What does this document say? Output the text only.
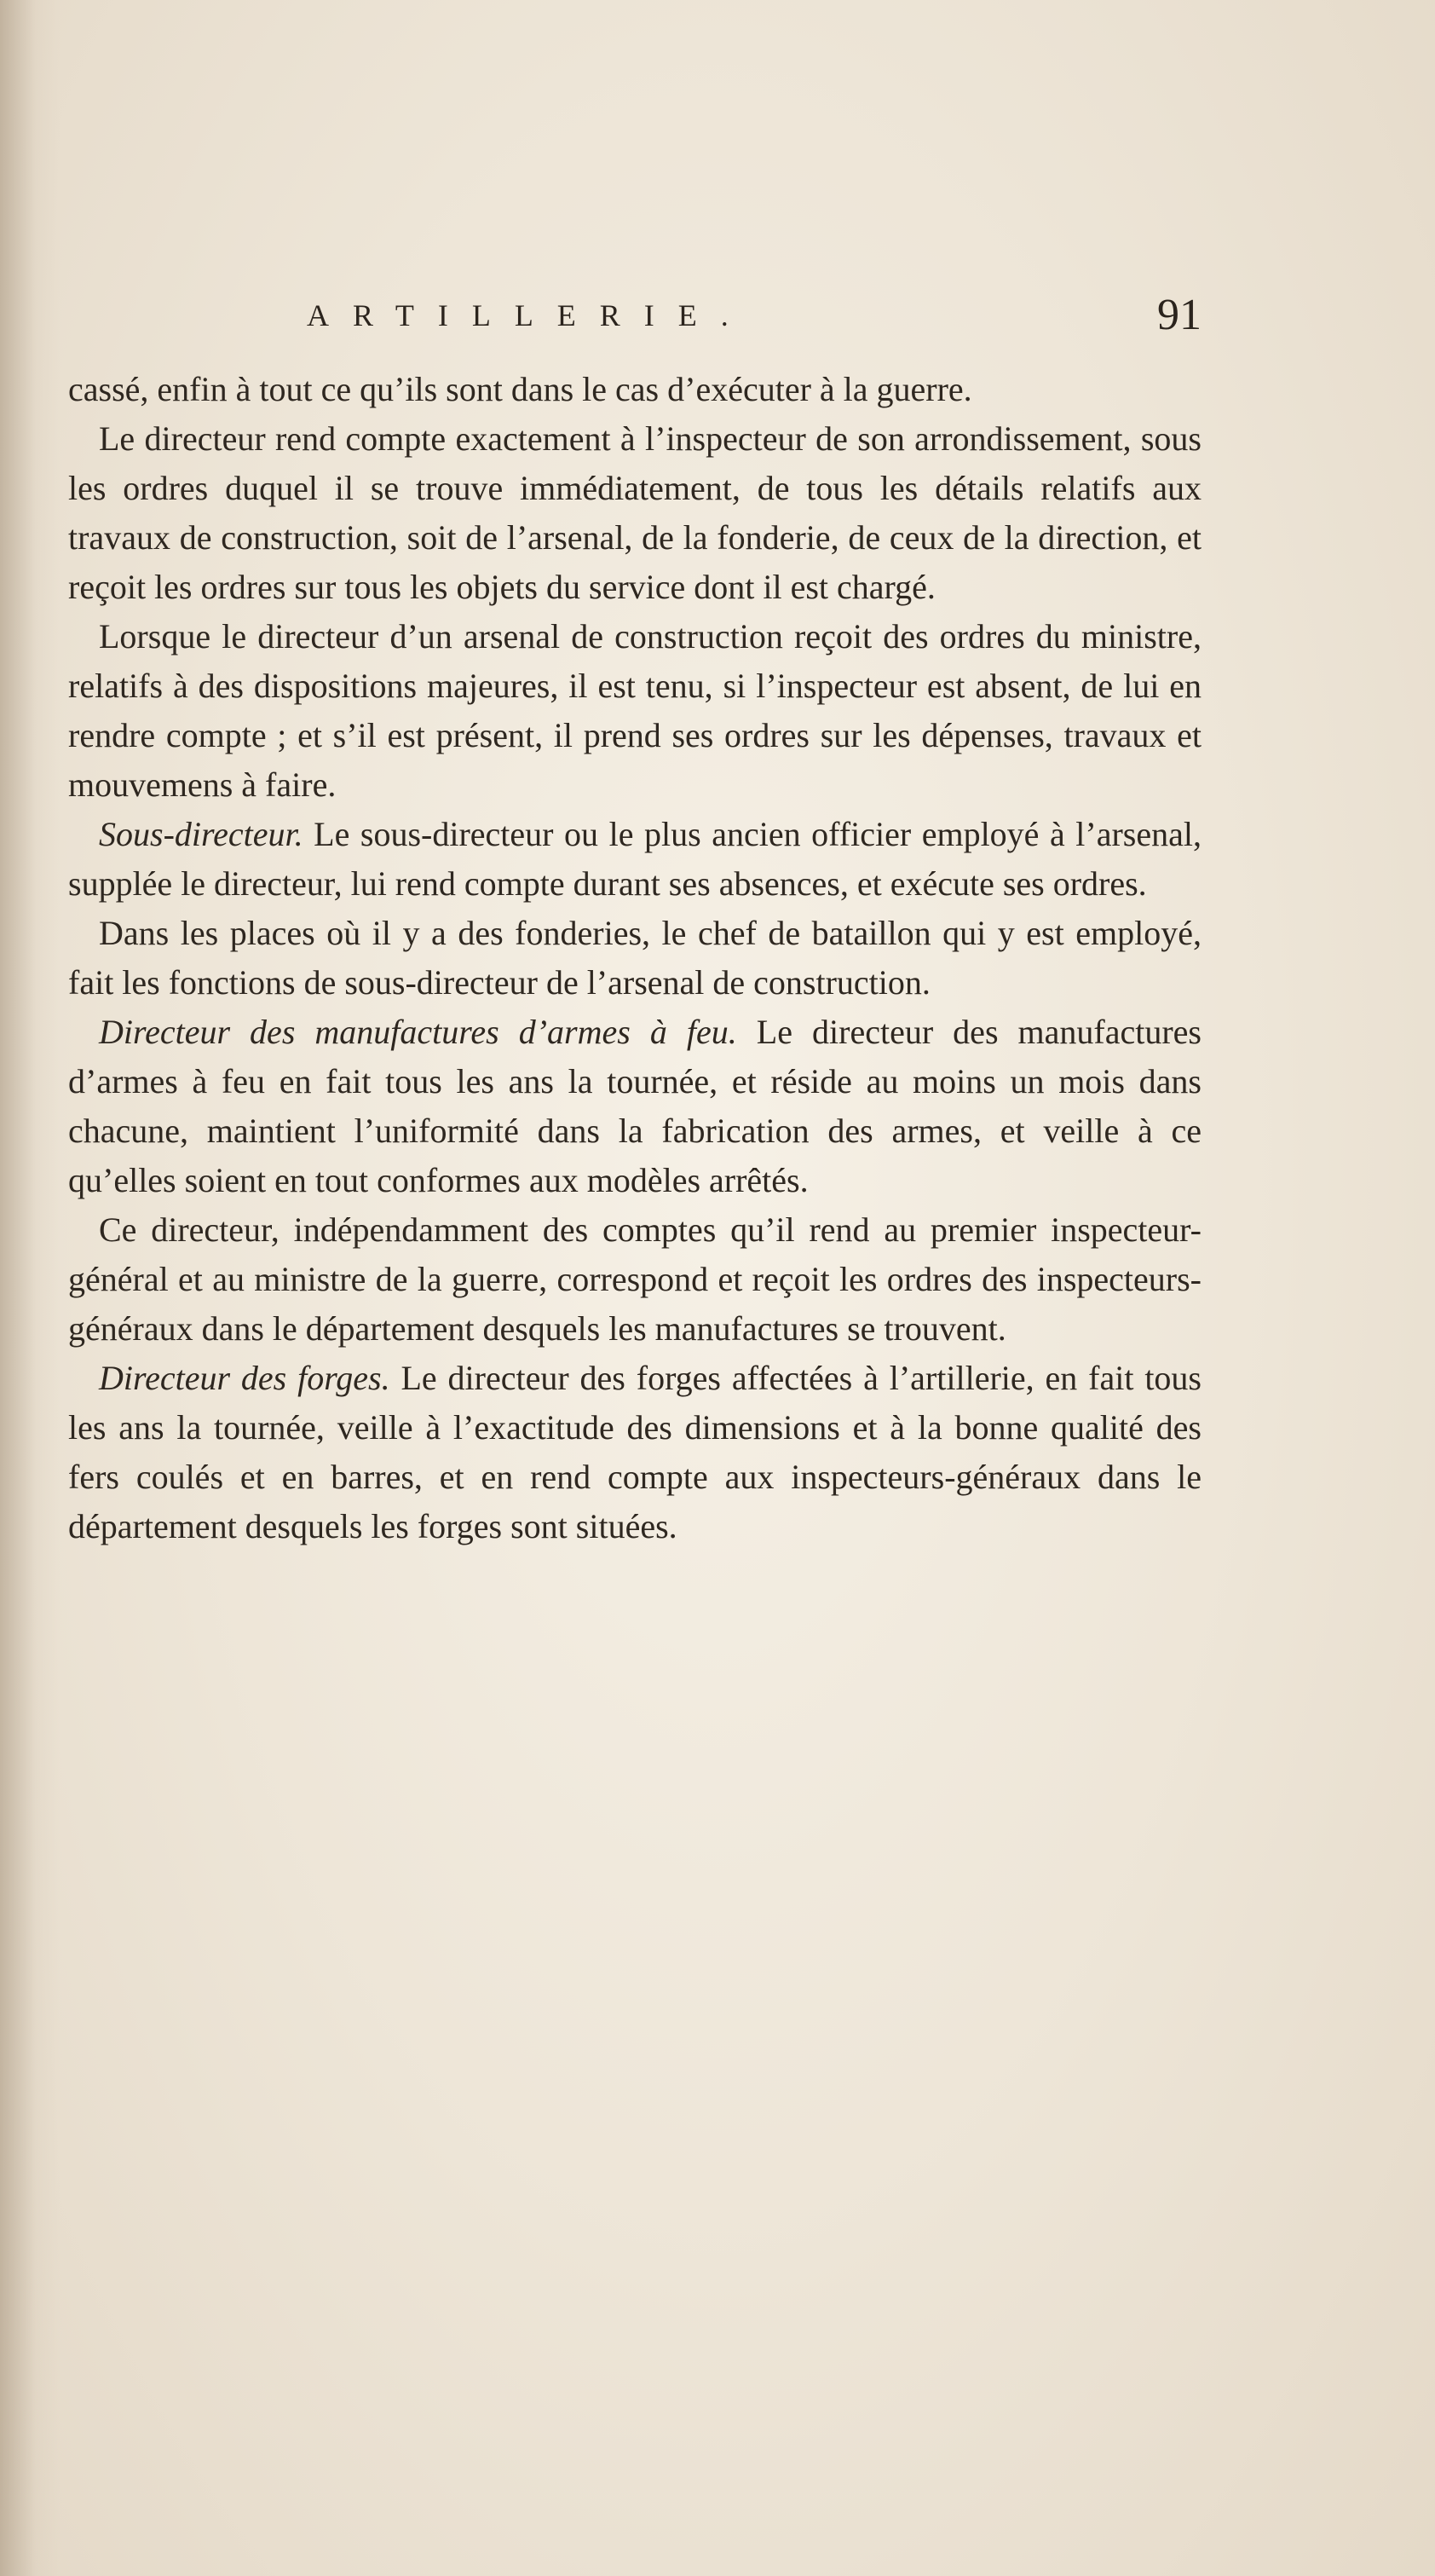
ARTILLERIE.	91

cassé, enfin à tout ce qu’ils sont dans le cas d’exécuter à la guerre.

Le directeur rend compte exactement à l’inspecteur de son arrondissement, sous les ordres duquel il se trouve immédiatement, de tous les détails relatifs aux travaux de construction, soit de l’arsenal, de la fonderie, de ceux de la direction, et reçoit les ordres sur tous les objets du service dont il est chargé.

Lorsque le directeur d’un arsenal de construction reçoit des ordres du ministre, relatifs à des dispositions majeures, il est tenu, si l’inspecteur est absent, de lui en rendre compte ; et s’il est présent, il prend ses ordres sur les dépenses, travaux et mouvemens à faire.

Sous-directeur. Le sous-directeur ou le plus ancien officier employé à l’arsenal, supplée le directeur, lui rend compte durant ses absences, et exécute ses ordres.

Dans les places où il y a des fonderies, le chef de bataillon qui y est employé, fait les fonctions de sous-directeur de l’arsenal de construction.

Directeur des manufactures d’armes à feu. Le directeur des manufactures d’armes à feu en fait tous les ans la tournée, et réside au moins un mois dans chacune, maintient l’uniformité dans la fabrication des armes, et veille à ce qu’elles soient en tout conformes aux modèles arrêtés.

Ce directeur, indépendamment des comptes qu’il rend au premier inspecteur-général et au ministre de la guerre, correspond et reçoit les ordres des inspecteurs-généraux dans le département desquels les manufactures se trouvent.

Directeur des forges. Le directeur des forges affectées à l’artillerie, en fait tous les ans la tournée, veille à l’exactitude des dimensions et à la bonne qualité des fers coulés et en barres, et en rend compte aux inspecteurs-généraux dans le département desquels les forges sont situées.
